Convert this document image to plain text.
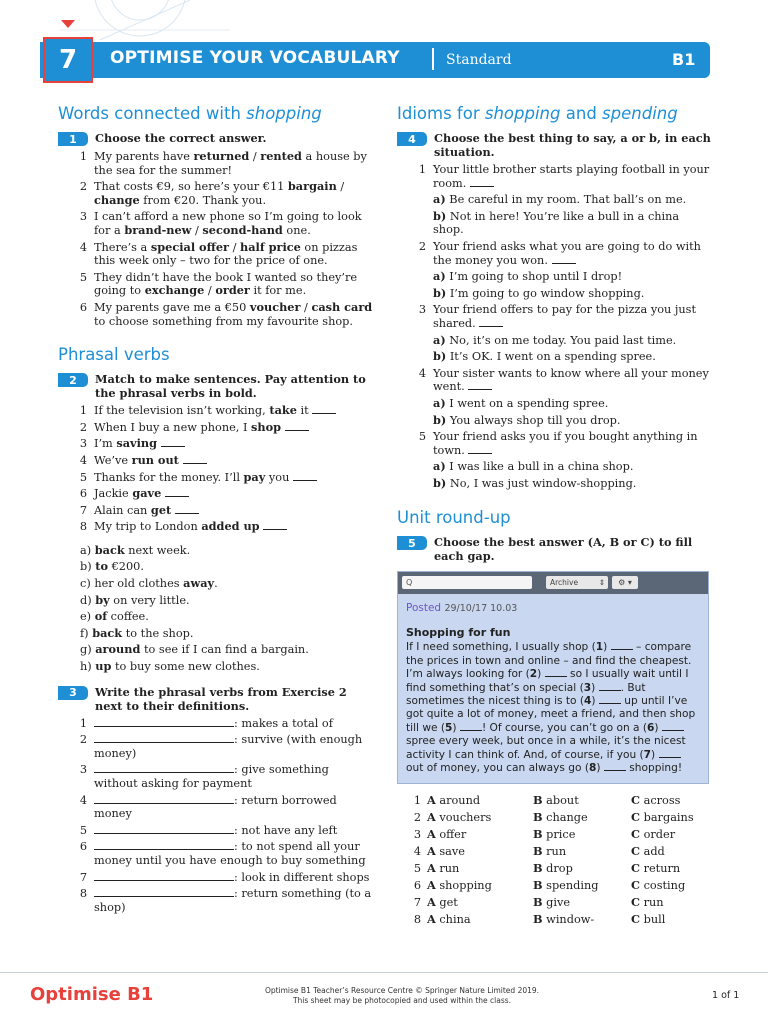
7	OPTIMISE YOUR VOCABULARY	Standard	B1
Words connected with shopping
1	Choose the correct answer.
1 My parents have returned / rented a house by the sea for the summer!
2 That costs €9, so here’s your €11 bargain / change from €20. Thank you.
3 I can’t afford a new phone so I’m going to look for a brand-new / second-hand one.
4 There’s a special offer / half price on pizzas this week only – two for the price of one.
5 They didn’t have the book I wanted so they’re going to exchange / order it for me.
6 My parents gave me a €50 voucher / cash card to choose something from my favourite shop.
Phrasal verbs
2	Match to make sentences. Pay attention to the phrasal verbs in bold.
1 If the television isn’t working, take it
2 When I buy a new phone, I shop
3 I’m saving
4 We’ve run out
5 Thanks for the money. I’ll pay you
6 Jackie gave
7 Alain can get
8 My trip to London added up
a) back next week.
b) to €200.
c) her old clothes away.
d) by on very little.
e) of coffee.
f) back to the shop.
g) around to see if I can find a bargain.
h) up to buy some new clothes.
3	Write the phrasal verbs from Exercise 2 next to their definitions.
1	: makes a total of
2	: survive (with enough money)
3	: give something without asking for payment
4	: return borrowed money
5	: not have any left
6	: to not spend all your money until you have enough to buy something
7	: look in different shops
8	: return something (to a shop)
Idioms for shopping and spending
4	Choose the best thing to say, a or b, in each situation.
1 Your little brother starts playing football in your room.
a) Be careful in my room. That ball’s on me.
b) Not in here! You’re like a bull in a china shop.
2 Your friend asks what you are going to do with the money you won.
a) I’m going to shop until I drop!
b) I’m going to go window shopping.
3 Your friend offers to pay for the pizza you just shared.
a) No, it’s on me today. You paid last time.
b) It’s OK. I went on a spending spree.
4 Your sister wants to know where all your money went.
a) I went on a spending spree.
b) You always shop till you drop.
5 Your friend asks you if you bought anything in town.
a) I was like a bull in a china shop.
b) No, I was just window-shopping.
Unit round-up
5	Choose the best answer (A, B or C) to fill each gap.
Q	Archive	⇕	⚙ ▾
Posted 29/10/17 10.03
Shopping for fun
If I need something, I usually shop (1)  – compare the prices in town and online – and find the cheapest. I’m always looking for (2)  so I usually wait until I find something that’s on special (3) . But sometimes the nicest thing is to (4)  up until I’ve got quite a lot of money, meet a friend, and then shop till we (5) ! Of course, you can’t go on a (6)  spree every week, but once in a while, it’s the nicest activity I can think of. And, of course, if you (7)  out of money, you can always go (8)  shopping!
1 A around	B about	C across
2 A vouchers	B change	C bargains
3 A offer	B price	C order
4 A save	B run	C add
5 A run	B drop	C return
6 A shopping	B spending	C costing
7 A get	B give	C run
8 A china	B window-	C bull
Optimise B1	Optimise B1 Teacher’s Resource Centre © Springer Nature Limited 2019.
This sheet may be photocopied and used within the class.	1 of 1
